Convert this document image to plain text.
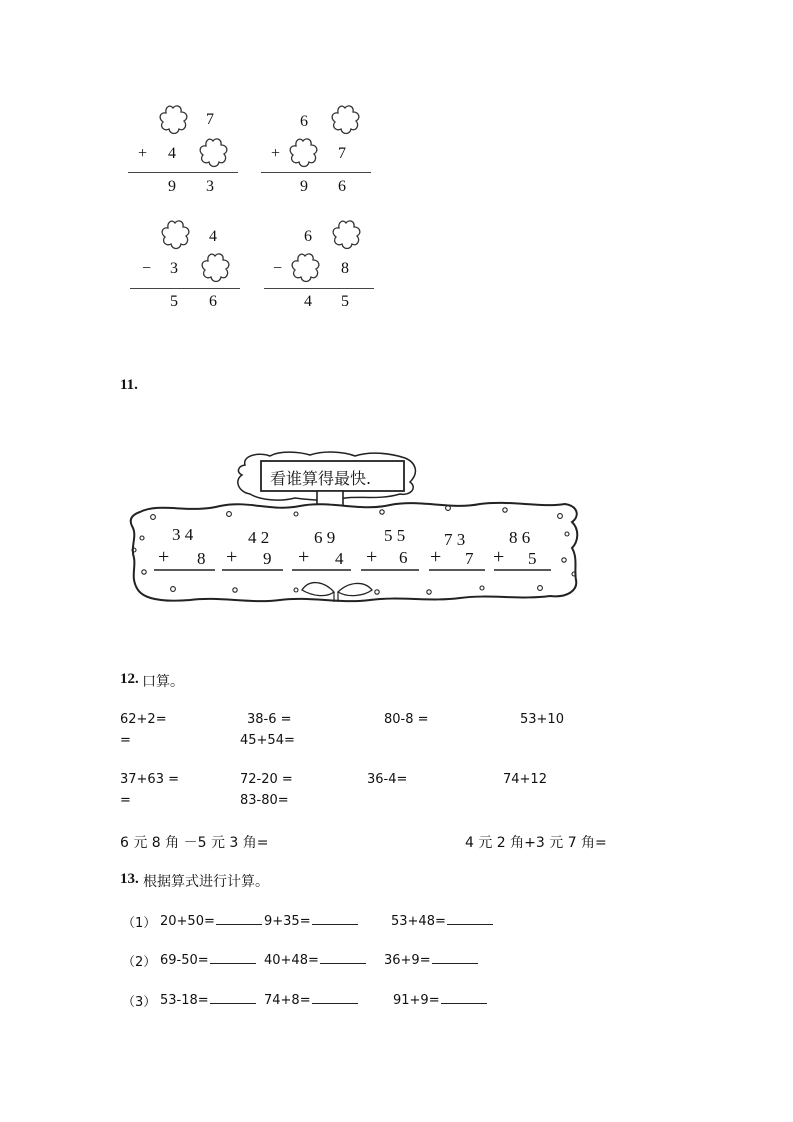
7
+ 4
9 3
6
+	7
9 6
4
− 3
5 6
6
−	8
4 5
11.
看谁算得最快.
3 4
+ 8
4 2
+ 9
6 9
+ 4
5 5
+ 6
7 3
+ 7
8 6
+ 5
12. 口算。
62+2=	38-6 =	80-8 =	53+10
=	45+54=
37+63 =	72-20 =	36-4=	74+12
=	83-80=
6 元 8 角 －5 元 3 角=	4 元 2 角+3 元 7 角=
13. 根据算式进行计算。
（1） 20+50=	9+35=	53+48=
（2） 69-50=	40+48=	36+9=
（3） 53-18=	74+8=	91+9=
